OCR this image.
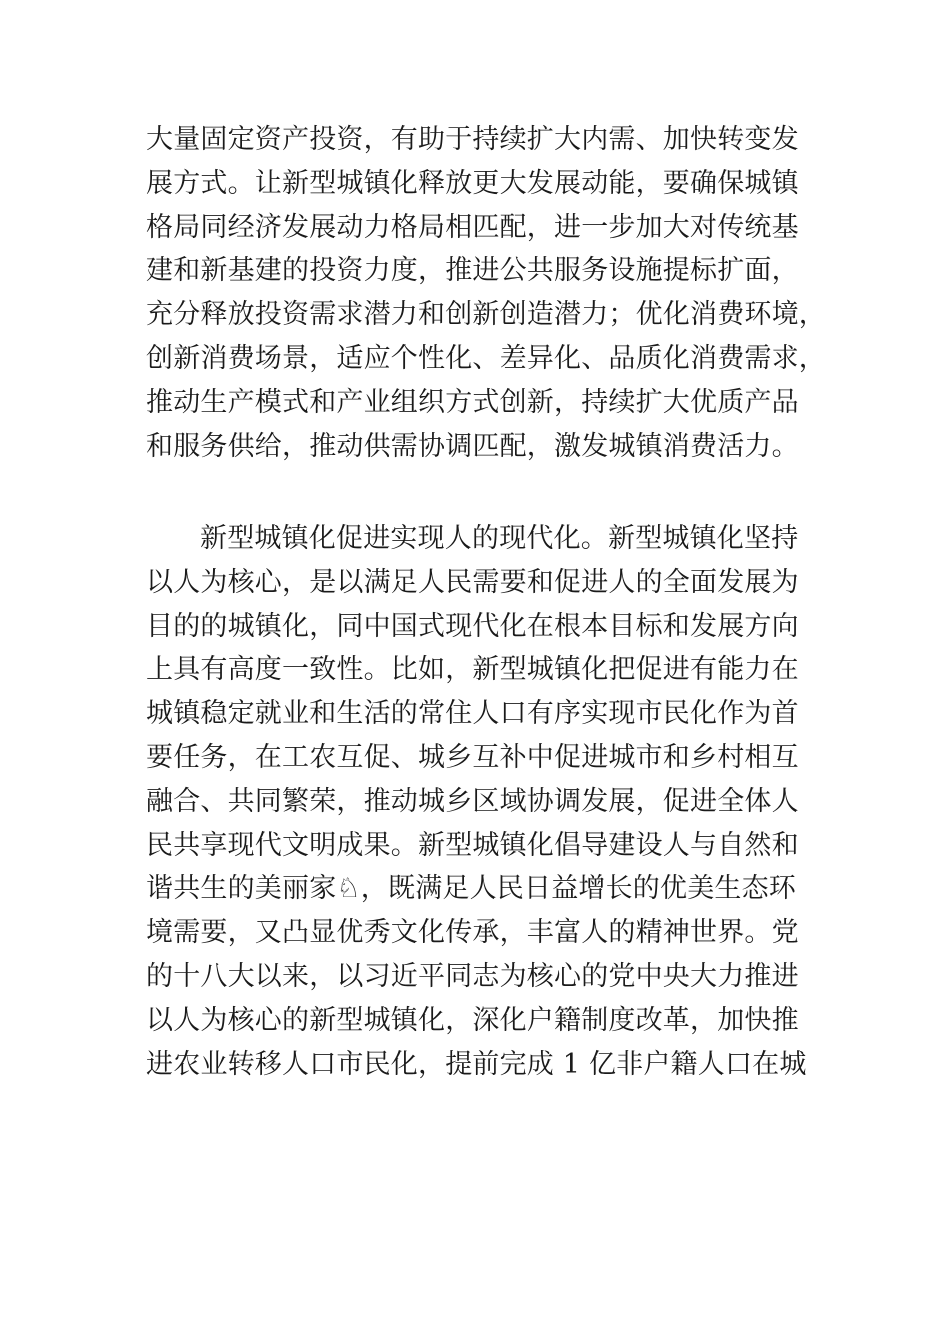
大量固定资产投资，有助于持续扩大内需、加快转变发
展方式。让新型城镇化释放更大发展动能，要确保城镇
格局同经济发展动力格局相匹配，进一步加大对传统基
建和新基建的投资力度，推进公共服务设施提标扩面，
充分释放投资需求潜力和创新创造潜力；优化消费环境，
创新消费场景，适应个性化、差异化、品质化消费需求，
推动生产模式和产业组织方式创新，持续扩大优质产品
和服务供给，推动供需协调匹配，激发城镇消费活力。
新型城镇化促进实现人的现代化。新型城镇化坚持
以人为核心，是以满足人民需要和促进人的全面发展为
目的的城镇化，同中国式现代化在根本目标和发展方向
上具有高度一致性。比如，新型城镇化把促进有能力在
城镇稳定就业和生活的常住人口有序实现市民化作为首
要任务，在工农互促、城乡互补中促进城市和乡村相互
融合、共同繁荣，推动城乡区域协调发展，促进全体人
民共享现代文明成果。新型城镇化倡导建设人与自然和
谐共生的美丽家♘，既满足人民日益增长的优美生态环
境需要，又凸显优秀文化传承，丰富人的精神世界。党
的十八大以来，以习近平同志为核心的党中央大力推进
以人为核心的新型城镇化，深化户籍制度改革，加快推
进农业转移人口市民化，提前完成 1 亿非户籍人口在城
